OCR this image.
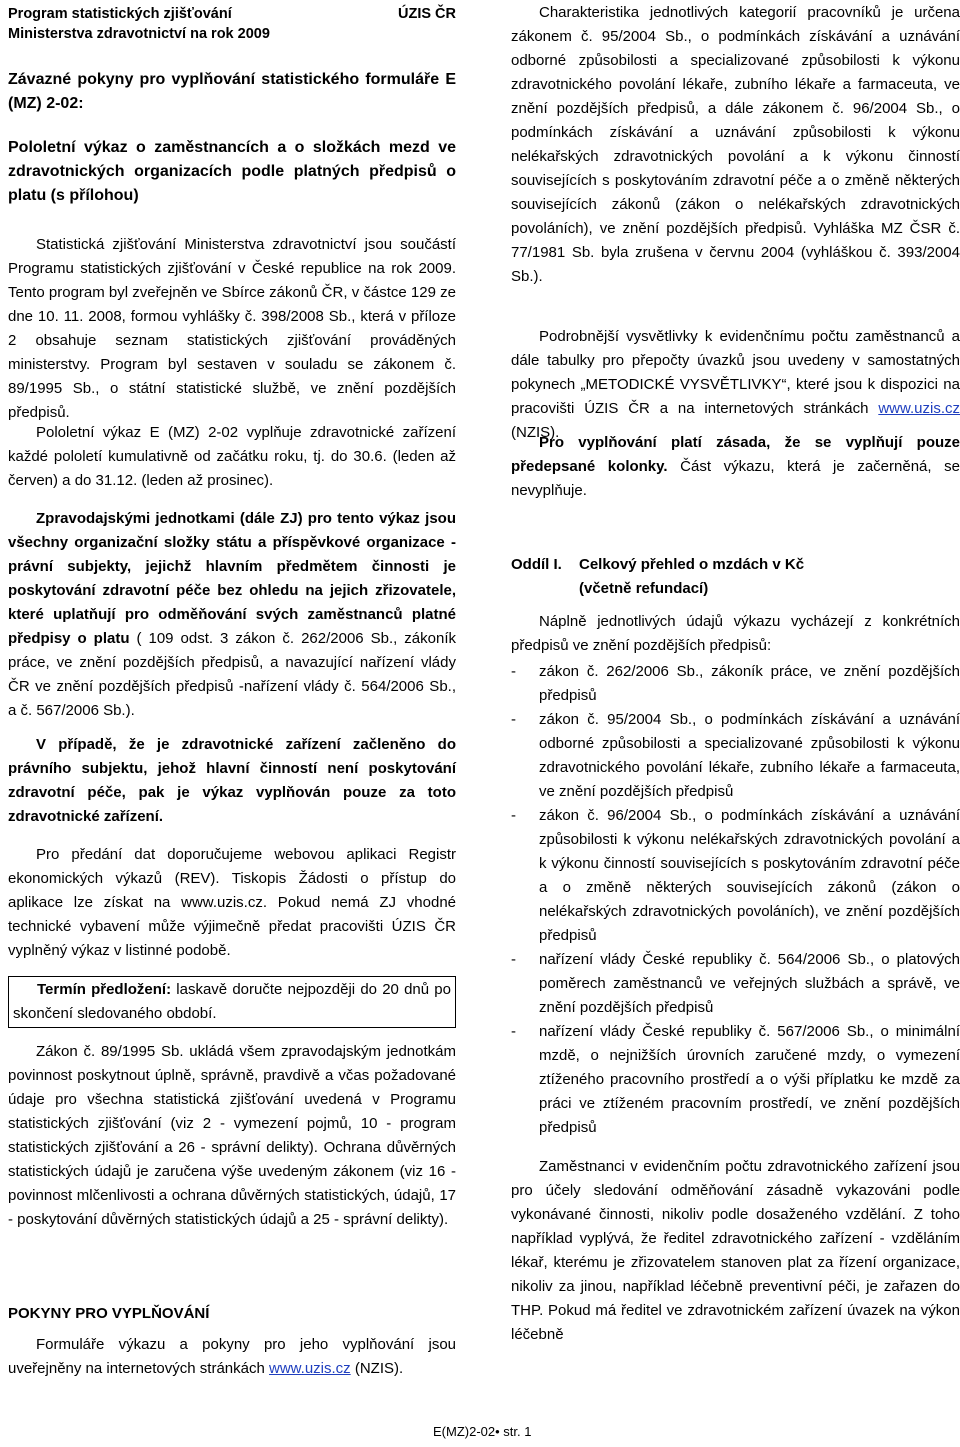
Program statistických zjišťování
Ministerstva zdravotnictví na rok 2009
ÚZIS ČR

Závazné pokyny pro vyplňování statistického formuláře E (MZ) 2-02:

Pololetní výkaz o zaměstnancích a o složkách mezd ve zdravotnických organizacích podle platných předpisů o platu (s přílohou)

Statistická zjišťování Ministerstva zdravotnictví jsou součástí Programu statistických zjišťování v České republice na rok 2009. Tento program byl zveřejněn ve Sbírce zákonů ČR, v částce 129 ze dne 10. 11. 2008, formou vyhlášky č. 398/2008 Sb., která v příloze 2 obsahuje seznam statistických zjišťování prováděných ministerstvy. Program byl sestaven v souladu se zákonem č. 89/1995 Sb., o státní statistické službě, ve znění pozdějších předpisů.

Pololetní výkaz E (MZ) 2-02 vyplňuje zdravotnické zařízení každé pololetí kumulativně od začátku roku, tj. do 30.6. (leden až červen) a do 31.12. (leden až prosinec).

Zpravodajskými jednotkami (dále ZJ) pro tento výkaz jsou všechny organizační složky státu a příspěvkové organizace - právní subjekty, jejichž hlavním předmětem činnosti je poskytování zdravotní péče bez ohledu na jejich zřizovatele, které uplatňují pro odměňování svých zaměstnanců platné předpisy o platu ( 109 odst. 3 zákon č. 262/2006 Sb., zákoník práce, ve znění pozdějších předpisů, a navazující nařízení vlády ČR ve znění pozdějších předpisů -nařízení vlády č. 564/2006 Sb., a č. 567/2006 Sb.).

V případě, že je zdravotnické zařízení začleněno do právního subjektu, jehož hlavní činností není poskytování zdravotní péče, pak je výkaz vyplňován pouze za toto zdravotnické zařízení.

Pro předání dat doporučujeme webovou aplikaci Registr ekonomických výkazů (REV). Tiskopis Žádosti o přístup do aplikace lze získat na www.uzis.cz. Pokud nemá ZJ vhodné technické vybavení může výjimečně předat pracovišti ÚZIS ČR vyplněný výkaz v listinné podobě.

Termín předložení: laskavě doručte nejpozději do 20 dnů po skončení sledovaného období.

Zákon č. 89/1995 Sb. ukládá všem zpravodajským jednotkám povinnost poskytnout úplně, správně, pravdivě a včas požadované údaje pro všechna statistická zjišťování uvedená v Programu statistických zjišťování (viz 2 - vymezení pojmů, 10 - program statistických zjišťování a 26 - správní delikty). Ochrana důvěrných statistických údajů je zaručena výše uvedeným zákonem (viz 16 - povinnost mlčenlivosti a ochrana důvěrných statistických, údajů, 17 - poskytování důvěrných statistických údajů a 25 - správní delikty).

POKYNY PRO VYPLŇOVÁNÍ

Formuláře výkazu a pokyny pro jeho vyplňování jsou uveřejněny na internetových stránkách www.uzis.cz (NZIS).

Charakteristika jednotlivých kategorií pracovníků je určena zákonem č. 95/2004 Sb., o podmínkách získávání a uznávání odborné způsobilosti a specializované způsobilosti k výkonu zdravotnického povolání lékaře, zubního lékaře a farmaceuta, ve znění pozdějších předpisů, a dále zákonem č. 96/2004 Sb., o podmínkách získávání a uznávání způsobilosti k výkonu nelékařských zdravotnických povolání a k výkonu činností souvisejících s poskytováním zdravotní péče a o změně některých souvisejících zákonů (zákon o nelékařských zdravotnických povoláních), ve znění pozdějších předpisů. Vyhláška MZ ČSR č. 77/1981 Sb. byla zrušena v červnu 2004 (vyhláškou č. 393/2004 Sb.).

Podrobnější vysvětlivky k evidenčnímu počtu zaměstnanců a dále tabulky pro přepočty úvazků jsou uvedeny v samostatných pokynech „METODICKÉ VYSVĚTLIVKY“, které jsou k dispozici na pracovišti ÚZIS ČR a na internetových stránkách www.uzis.cz (NZIS).

Pro vyplňování platí zásada, že se vyplňují pouze předepsané kolonky. Část výkazu, která je začerněná, se nevyplňuje.

Oddíl I. Celkový přehled o mzdách v Kč
(včetně refundací)

Náplně jednotlivých údajů výkazu vycházejí z konkrétních předpisů ve znění pozdějších předpisů:

- zákon č. 262/2006 Sb., zákoník práce, ve znění pozdějších předpisů
- zákon č. 95/2004 Sb., o podmínkách získávání a uznávání odborné způsobilosti a specializované způsobilosti k výkonu zdravotnického povolání lékaře, zubního lékaře a farmaceuta, ve znění pozdějších předpisů
- zákon č. 96/2004 Sb., o podmínkách získávání a uznávání způsobilosti k výkonu nelékařských zdravotnických povolání a k výkonu činností souvisejících s poskytováním zdravotní péče a o změně některých souvisejících zákonů (zákon o nelékařských zdravotnických povoláních), ve znění pozdějších předpisů
- nařízení vlády České republiky č. 564/2006 Sb., o platových poměrech zaměstnanců ve veřejných službách a správě, ve znění pozdějších předpisů
- nařízení vlády České republiky č. 567/2006 Sb., o minimální mzdě, o nejnižších úrovních zaručené mzdy, o vymezení ztíženého pracovního prostředí a o výši příplatku ke mzdě za práci ve ztíženém pracovním prostředí, ve znění pozdějších předpisů

Zaměstnanci v evidenčním počtu zdravotnického zařízení jsou pro účely sledování odměňování zásadně vykazováni podle vykonávané činnosti, nikoliv podle dosaženého vzdělání. Z toho například vyplývá, že ředitel zdravotnického zařízení - vzděláním lékař, kterému je zřizovatelem stanoven plat za řízení organizace, nikoliv za jinou, například léčebně preventivní péči, je zařazen do THP. Pokud má ředitel ve zdravotnickém zařízení úvazek na výkon léčebně

E(MZ)2-02• str. 1
